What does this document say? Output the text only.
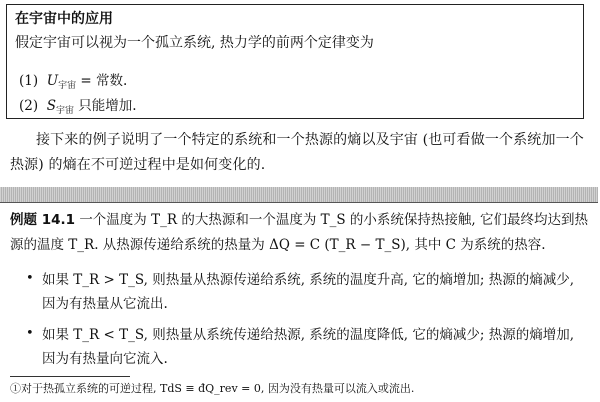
在宇宙中的应用
假定宇宙可以视为一个孤立系统, 热力学的前两个定律变为
(1) $U_{宇宙}$ = 常数.
(2) $S_{宇宙}$ 只能增加.
接下来的例子说明了一个特定的系统和一个热源的熵以及宇宙 (也可看做一个系统加一个热源) 的熵在不可逆过程中是如何变化的.
例题 14.1 一个温度为 T_R 的大热源和一个温度为 T_S 的小系统保持热接触, 它们最终均达到热源的温度 T_R. 从热源传递给系统的热量为 ΔQ = C (T_R − T_S), 其中 C 为系统的热容.
• 如果 T_R > T_S, 则热量从热源传递给系统, 系统的温度升高, 它的熵增加; 热源的熵减少, 因为有热量从它流出.
• 如果 T_R < T_S, 则热量从系统传递给热源, 系统的温度降低, 它的熵减少; 热源的熵增加, 因为有热量向它流入.
①对于热孤立系统的可逆过程, TdS ≡ đQ_rev = 0, 因为没有热量可以流入或流出.
